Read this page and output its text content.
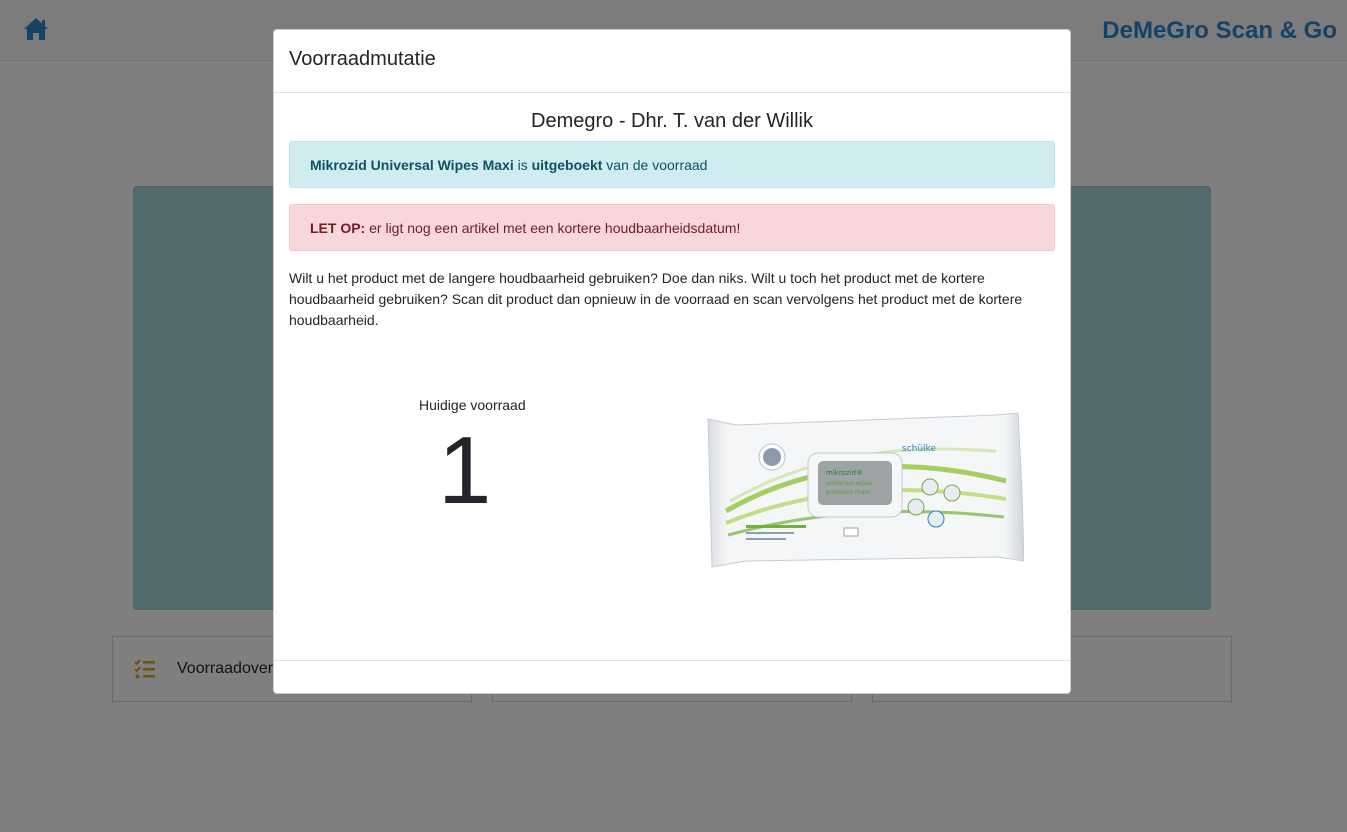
Voorraadmutatie
Demegro - Dhr. T. van der Willik
Mikrozid Universal Wipes Maxi is uitgeboekt van de voorraad
LET OP: er ligt nog een artikel met een kortere houdbaarheidsdatum!

Wilt u het product met de langere houdbaarheid gebruiken? Doe dan niks. Wilt u toch het product met de kortere houdbaarheid gebruiken? Scan dit product dan opnieuw in de voorraad en scan vervolgens het product met de kortere houdbaarheid.

Huidige voorraad
1	mikrozid®
universal wipes
premium maxi
schülke
